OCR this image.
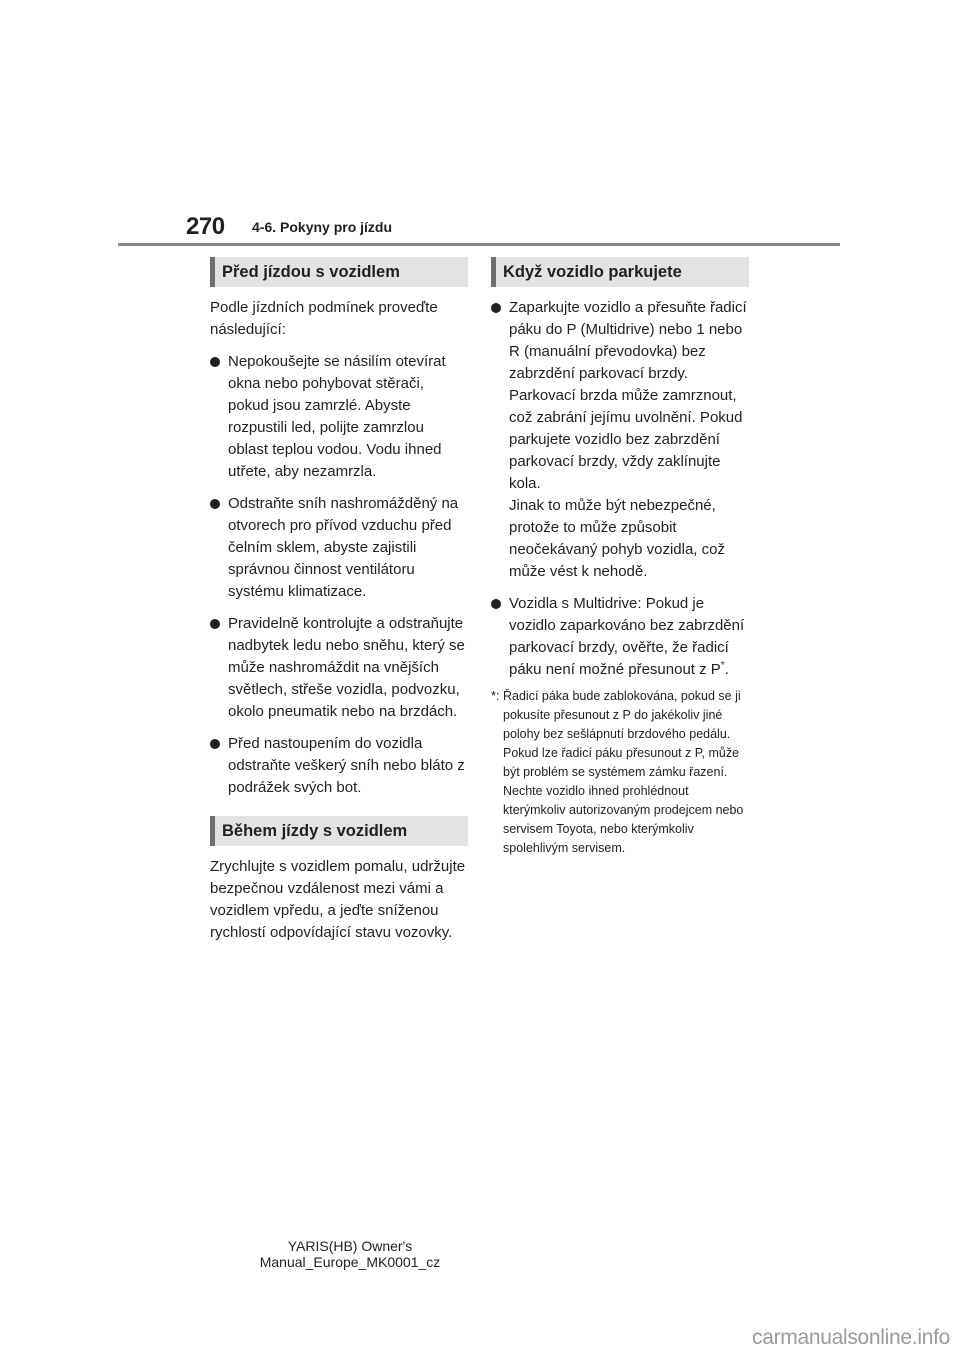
270 4-6. Pokyny pro jízdu
Před jízdou s vozidlem

Podle jízdních podmínek proveďte následující:

Nepokoušejte se násilím otevírat okna nebo pohybovat stěrači, pokud jsou zamrzlé. Abyste rozpustili led, polijte zamrzlou oblast teplou vodou. Vodu ihned utřete, aby nezamrzla.

Odstraňte sníh nashromážděný na otvorech pro přívod vzduchu před čelním sklem, abyste zajistili správnou činnost ventilátoru systému klimatizace.

Pravidelně kontrolujte a odstraňujte nadbytek ledu nebo sněhu, který se může nashromáždit na vnějších světlech, střeše vozidla, podvozku, okolo pneumatik nebo na brzdách.

Před nastoupením do vozidla odstraňte veškerý sníh nebo bláto z podrážek svých bot.

Během jízdy s vozidlem

Zrychlujte s vozidlem pomalu, udržujte bezpečnou vzdálenost mezi vámi a vozidlem vpředu, a jeďte sníženou rychlostí odpovídající stavu vozovky.

Když vozidlo parkujete

Zaparkujte vozidlo a přesuňte řadicí páku do P (Multidrive) nebo 1 nebo R (manuální převodovka) bez zabrzdění parkovací brzdy. Parkovací brzda může zamrznout, což zabrání jejímu uvolnění. Pokud parkujete vozidlo bez zabrzdění parkovací brzdy, vždy zaklínujte kola.

Jinak to může být nebezpečné, protože to může způsobit neočekávaný pohyb vozidla, což může vést k nehodě.

Vozidla s Multidrive: Pokud je vozidlo zaparkováno bez zabrzdění parkovací brzdy, ověřte, že řadicí páku není možné přesunout z P*.

*: Řadicí páka bude zablokována, pokud se ji pokusíte přesunout z P do jakékoliv jiné polohy bez sešlápnutí brzdového pedálu. Pokud lze řadicí páku přesunout z P, může být problém se systémem zámku řazení. Nechte vozidlo ihned prohlédnout kterýmkoliv autorizovaným prodejcem nebo servisem Toyota, nebo kterýmkoliv spolehlivým servisem.
YARIS(HB) Owner's Manual_Europe_MK0001_cz
carmanualsonline.info
